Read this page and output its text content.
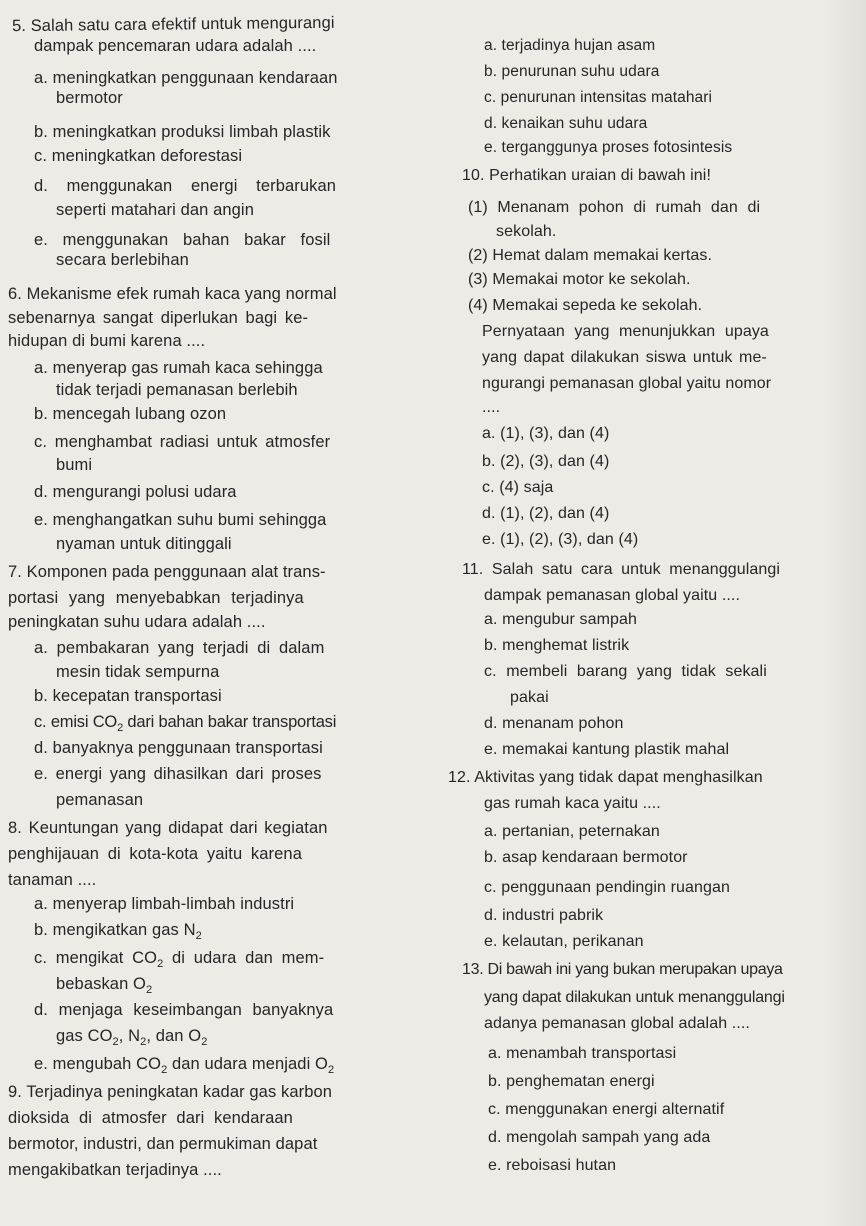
5. Salah satu cara efektif untuk mengurangi
dampak pencemaran udara adalah ....
a. meningkatkan penggunaan kendaraan
bermotor
b. meningkatkan produksi limbah plastik
c. meningkatkan deforestasi
d. menggunakan energi terbarukan
seperti matahari dan angin
e. menggunakan bahan bakar fosil
secara berlebihan
6. Mekanisme efek rumah kaca yang normal
sebenarnya sangat diperlukan bagi ke-
hidupan di bumi karena ....
a. menyerap gas rumah kaca sehingga
tidak terjadi pemanasan berlebih
b. mencegah lubang ozon
c. menghambat radiasi untuk atmosfer
bumi
d. mengurangi polusi udara
e. menghangatkan suhu bumi sehingga
nyaman untuk ditinggali
7. Komponen pada penggunaan alat trans-
portasi yang menyebabkan terjadinya
peningkatan suhu udara adalah ....
a. pembakaran yang terjadi di dalam
mesin tidak sempurna
b. kecepatan transportasi
c. emisi $CO_2$ dari bahan bakar transportasi
d. banyaknya penggunaan transportasi
e. energi yang dihasilkan dari proses
pemanasan
8. Keuntungan yang didapat dari kegiatan
penghijauan di kota-kota yaitu karena
tanaman ....
a. menyerap limbah-limbah industri
b. mengikatkan gas $N_2$
c. mengikat $CO_2$ di udara dan mem-
bebaskan $O_2$
d. menjaga keseimbangan banyaknya
gas $CO_2$, $N_2$, dan $O_2$
e. mengubah $CO_2$ dan udara menjadi $O_2$
9. Terjadinya peningkatan kadar gas karbon
dioksida di atmosfer dari kendaraan
bermotor, industri, dan permukiman dapat
mengakibatkan terjadinya ....
a. terjadinya hujan asam
b. penurunan suhu udara
c. penurunan intensitas matahari
d. kenaikan suhu udara
e. terganggunya proses fotosintesis
10. Perhatikan uraian di bawah ini!
(1) Menanam pohon di rumah dan di
sekolah.
(2) Hemat dalam memakai kertas.
(3) Memakai motor ke sekolah.
(4) Memakai sepeda ke sekolah.
Pernyataan yang menunjukkan upaya
yang dapat dilakukan siswa untuk me-
ngurangi pemanasan global yaitu nomor
....
a. (1), (3), dan (4)
b. (2), (3), dan (4)
c. (4) saja
d. (1), (2), dan (4)
e. (1), (2), (3), dan (4)
11. Salah satu cara untuk menanggulangi
dampak pemanasan global yaitu ....
a. mengubur sampah
b. menghemat listrik
c. membeli barang yang tidak sekali
pakai
d. menanam pohon
e. memakai kantung plastik mahal
12. Aktivitas yang tidak dapat menghasilkan
gas rumah kaca yaitu ....
a. pertanian, peternakan
b. asap kendaraan bermotor
c. penggunaan pendingin ruangan
d. industri pabrik
e. kelautan, perikanan
13. Di bawah ini yang bukan merupakan upaya
yang dapat dilakukan untuk menanggulangi
adanya pemanasan global adalah ....
a. menambah transportasi
b. penghematan energi
c. menggunakan energi alternatif
d. mengolah sampah yang ada
e. reboisasi hutan
